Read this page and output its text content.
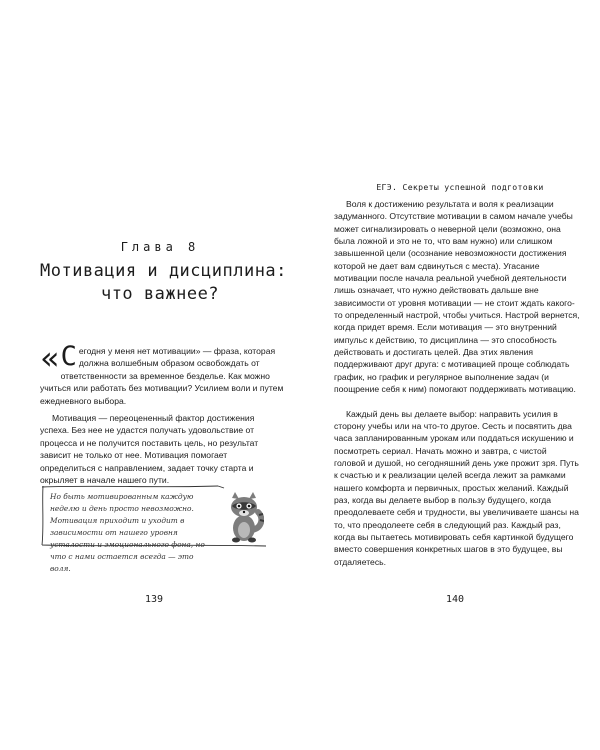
Глава 8
Мотивация и дисциплина:
что важнее?
« С егодня у меня нет мотивации» — фраза, которая должна волшебным образом освобождать от ответственности за временное безделье. Как можно учиться или работать без мотивации? Усилием воли и путем ежедневного выбора.
Мотивация — переоцененный фактор достижения успеха. Без нее не удастся получать удовольствие от процесса и не получится поставить цель, но результат зависит не только от нее. Мотивация помогает определиться с направлением, задает точку старта и окрыляет в начале нашего пути.
Но быть мотивированным каждую неделю и день просто невозможно. Мотивация приходит и уходит в зависимости от нашего уровня усталости и эмоционального фона, но что с нами остается всегда — это воля.
139
ЕГЭ. Секреты успешной подготовки

Воля к достижению результата и воля к реализации задуманного. Отсутствие мотивации в самом начале учебы может сигнализировать о неверной цели (возможно, она была ложной и это не то, что вам нужно) или слишком завышенной цели (осознание невозможности достижения которой не дает вам сдвинуться с места). Угасание мотивации после начала реальной учебной деятельности лишь означает, что нужно действовать дальше вне зависимости от уровня мотивации — не стоит ждать какого-то определенный настрой, чтобы учиться. Настрой вернется, когда придет время. Если мотивация — это внутренний импульс к действию, то дисциплина — это способность действовать и достигать целей. Два этих явления поддерживают друг друга: с мотивацией проще соблюдать график, но график и регулярное выполнение задач (и поощрение себя к ним) помогают поддерживать мотивацию.

Каждый день вы делаете выбор: направить усилия в сторону учебы или на что-то другое. Сесть и посвятить два часа запланированным урокам или поддаться искушению и посмотреть сериал. Начать можно и завтра, с чистой головой и душой, но сегодняшний день уже прожит зря. Путь к счастью и к реализации целей всегда лежит за рамками нашего комфорта и первичных, простых желаний. Каждый раз, когда вы делаете выбор в пользу будущего, когда преодолеваете себя и трудности, вы увеличиваете шансы на то, что преодолеете себя в следующий раз. Каждый раз, когда вы пытаетесь мотивировать себя картинкой будущего вместо совершения конкретных шагов в это будущее, вы отдаляетесь.

140
